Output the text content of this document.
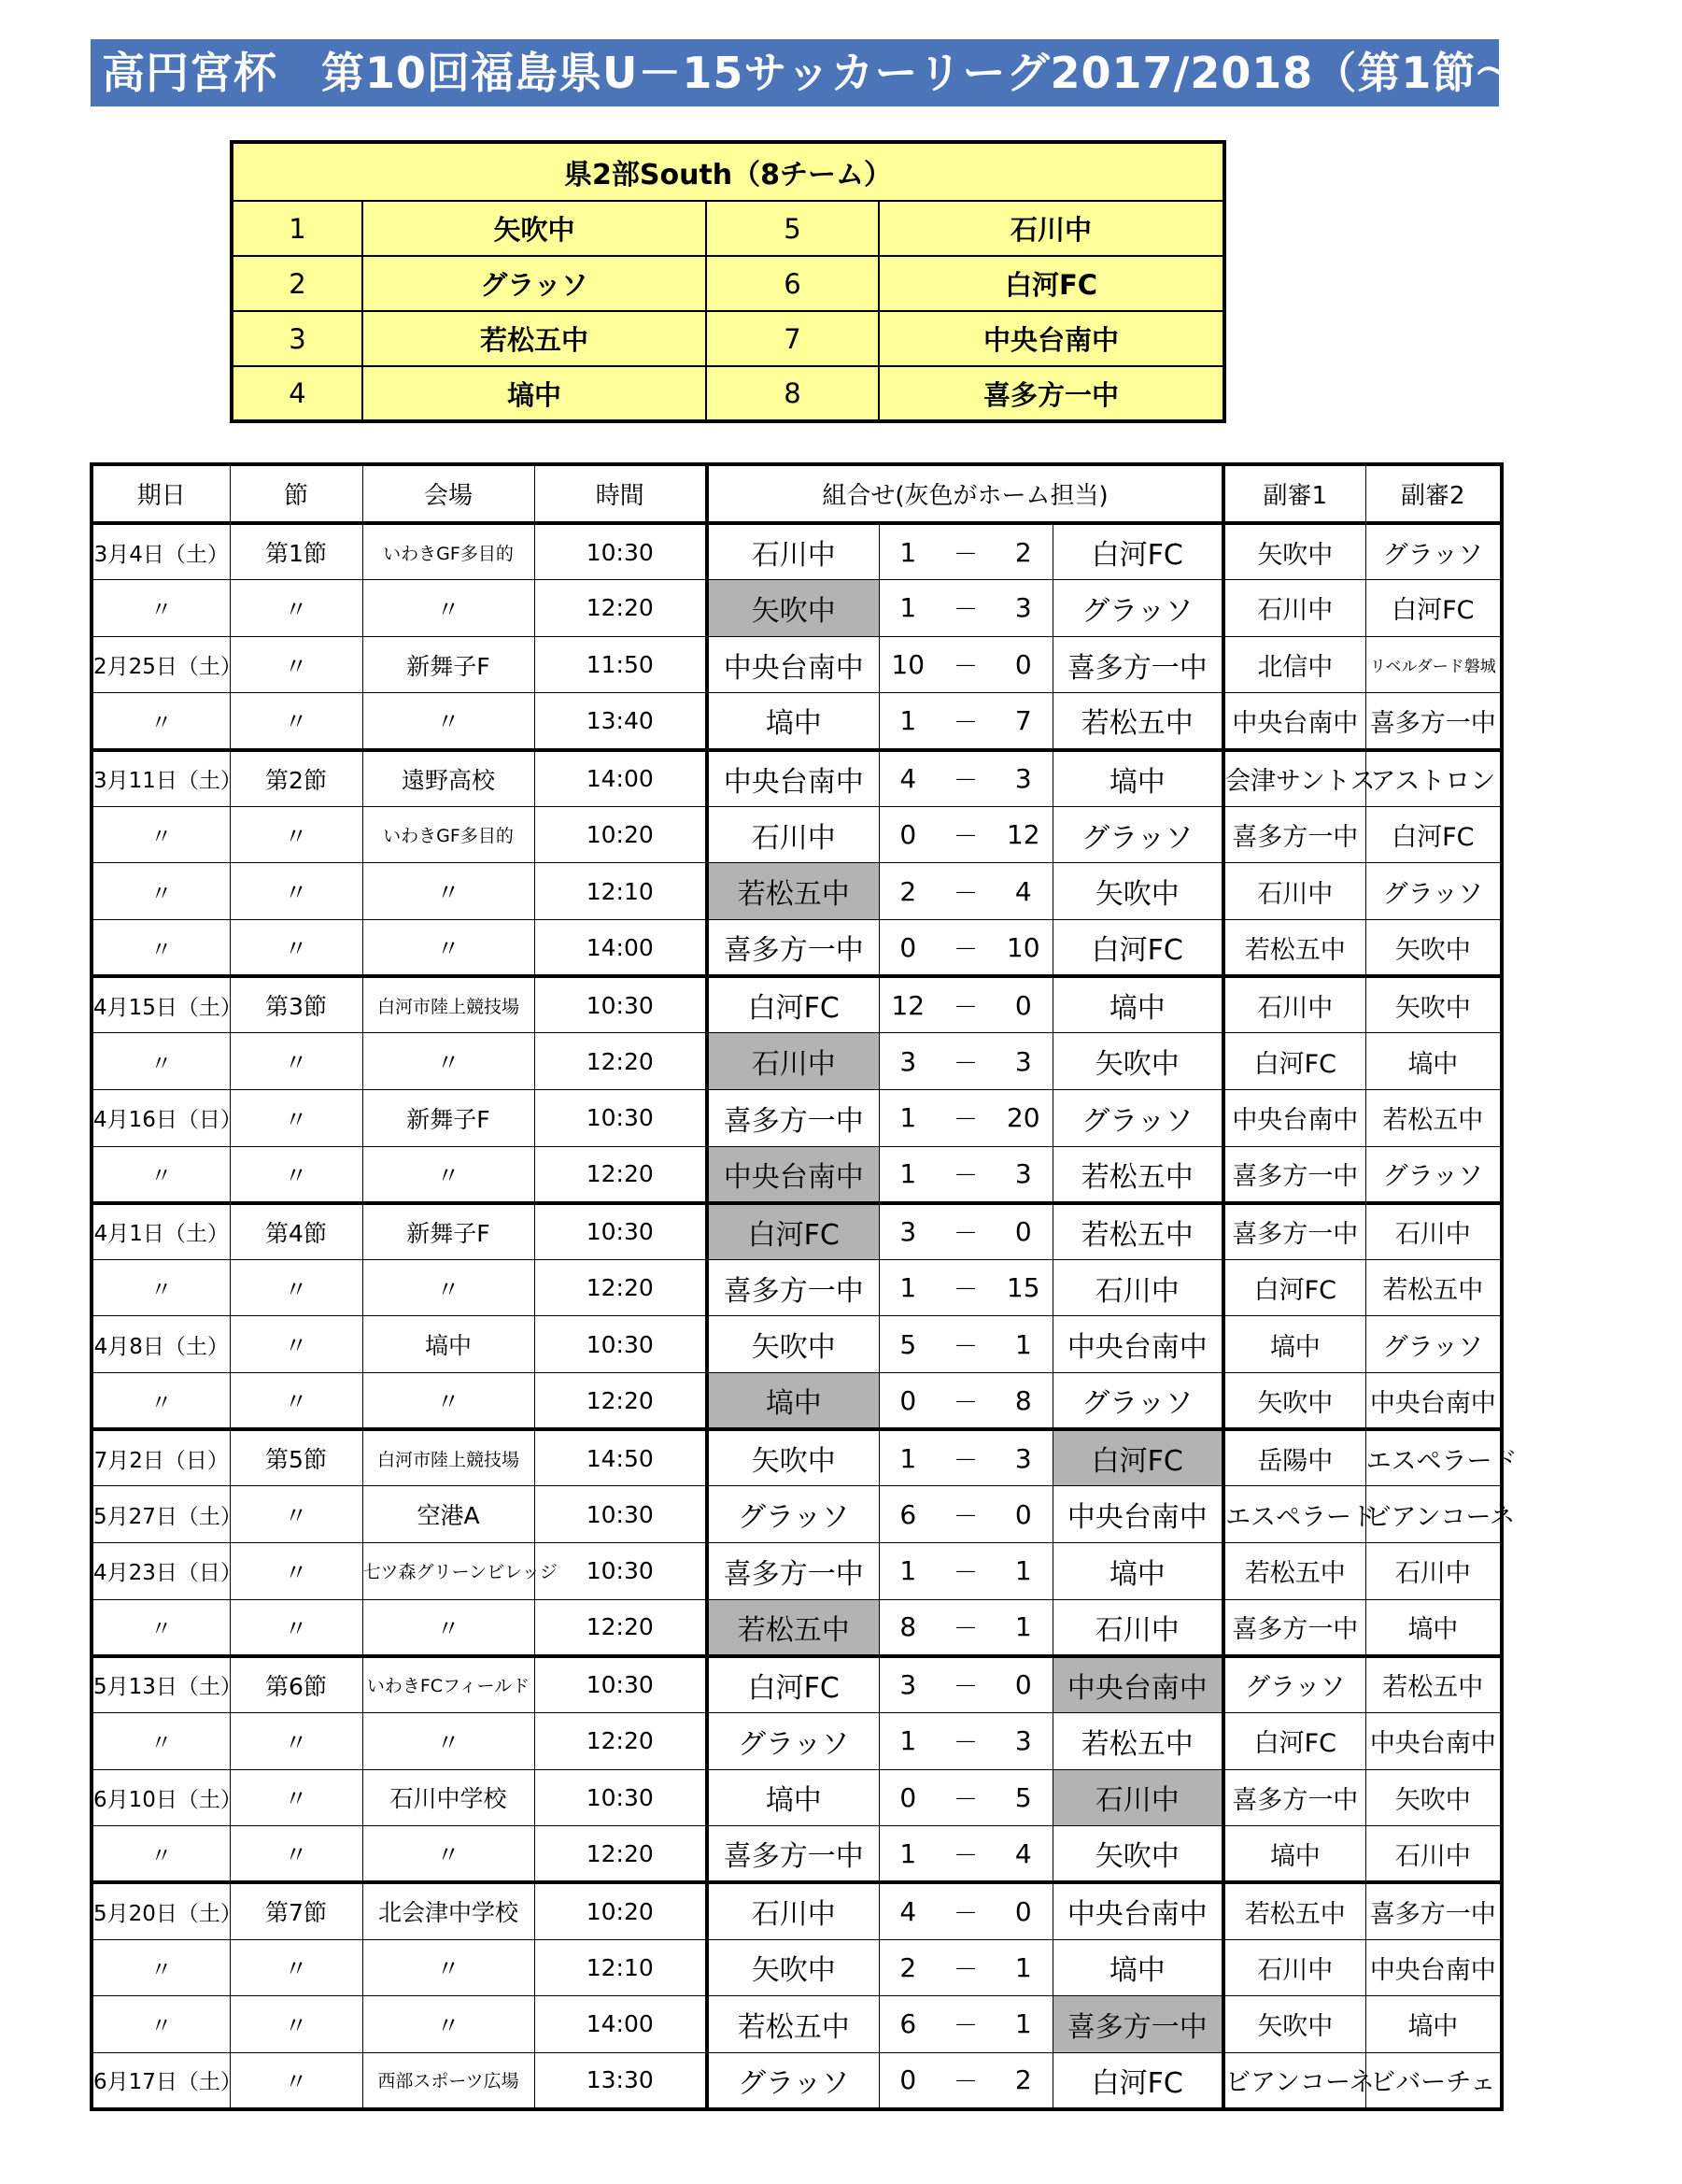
高円宮杯　第10回福島県U－15サッカーリーグ2017/2018（第1節～第7節）
県2部South（8チーム）			
1	矢吹中	5	石川中
2	グラッソ	6	白河FC
3	若松五中	7	中央台南中
4	塙中	8	喜多方一中
期日	節	会場	時間	組合せ(灰色がホーム担当)					副審1	副審2
3月4日（土）	第1節	いわきGF多目的	10:30	石川中	1	－	2	白河FC	矢吹中	グラッソ
〃	〃	〃	12:20	矢吹中	1	－	3	グラッソ	石川中	白河FC
2月25日（土）	〃	新舞子F	11:50	中央台南中	10	－	0	喜多方一中	北信中	リベルダード磐城
〃	〃	〃	13:40	塙中	1	－	7	若松五中	中央台南中	喜多方一中
3月11日（土）	第2節	遠野高校	14:00	中央台南中	4	－	3	塙中	会津サントス	アストロン
〃	〃	いわきGF多目的	10:20	石川中	0	－	12	グラッソ	喜多方一中	白河FC
〃	〃	〃	12:10	若松五中	2	－	4	矢吹中	石川中	グラッソ
〃	〃	〃	14:00	喜多方一中	0	－	10	白河FC	若松五中	矢吹中
4月15日（土）	第3節	白河市陸上競技場	10:30	白河FC	12	－	0	塙中	石川中	矢吹中
〃	〃	〃	12:20	石川中	3	－	3	矢吹中	白河FC	塙中
4月16日（日）	〃	新舞子F	10:30	喜多方一中	1	－	20	グラッソ	中央台南中	若松五中
〃	〃	〃	12:20	中央台南中	1	－	3	若松五中	喜多方一中	グラッソ
4月1日（土）	第4節	新舞子F	10:30	白河FC	3	－	0	若松五中	喜多方一中	石川中
〃	〃	〃	12:20	喜多方一中	1	－	15	石川中	白河FC	若松五中
4月8日（土）	〃	塙中	10:30	矢吹中	5	－	1	中央台南中	塙中	グラッソ
〃	〃	〃	12:20	塙中	0	－	8	グラッソ	矢吹中	中央台南中
7月2日（日）	第5節	白河市陸上競技場	14:50	矢吹中	1	－	3	白河FC	岳陽中	エスペラード
5月27日（土）	〃	空港A	10:30	グラッソ	6	－	0	中央台南中	エスペラード	ビアンコーネ
4月23日（日）	〃	七ツ森グリーンビレッジ	10:30	喜多方一中	1	－	1	塙中	若松五中	石川中
〃	〃	〃	12:20	若松五中	8	－	1	石川中	喜多方一中	塙中
5月13日（土）	第6節	いわきFCフィールド	10:30	白河FC	3	－	0	中央台南中	グラッソ	若松五中
〃	〃	〃	12:20	グラッソ	1	－	3	若松五中	白河FC	中央台南中
6月10日（土）	〃	石川中学校	10:30	塙中	0	－	5	石川中	喜多方一中	矢吹中
〃	〃	〃	12:20	喜多方一中	1	－	4	矢吹中	塙中	石川中
5月20日（土）	第7節	北会津中学校	10:20	石川中	4	－	0	中央台南中	若松五中	喜多方一中
〃	〃	〃	12:10	矢吹中	2	－	1	塙中	石川中	中央台南中
〃	〃	〃	14:00	若松五中	6	－	1	喜多方一中	矢吹中	塙中
6月17日（土）	〃	西部スポーツ広場	13:30	グラッソ	0	－	2	白河FC	ビアンコーネ	ビバーチェ
